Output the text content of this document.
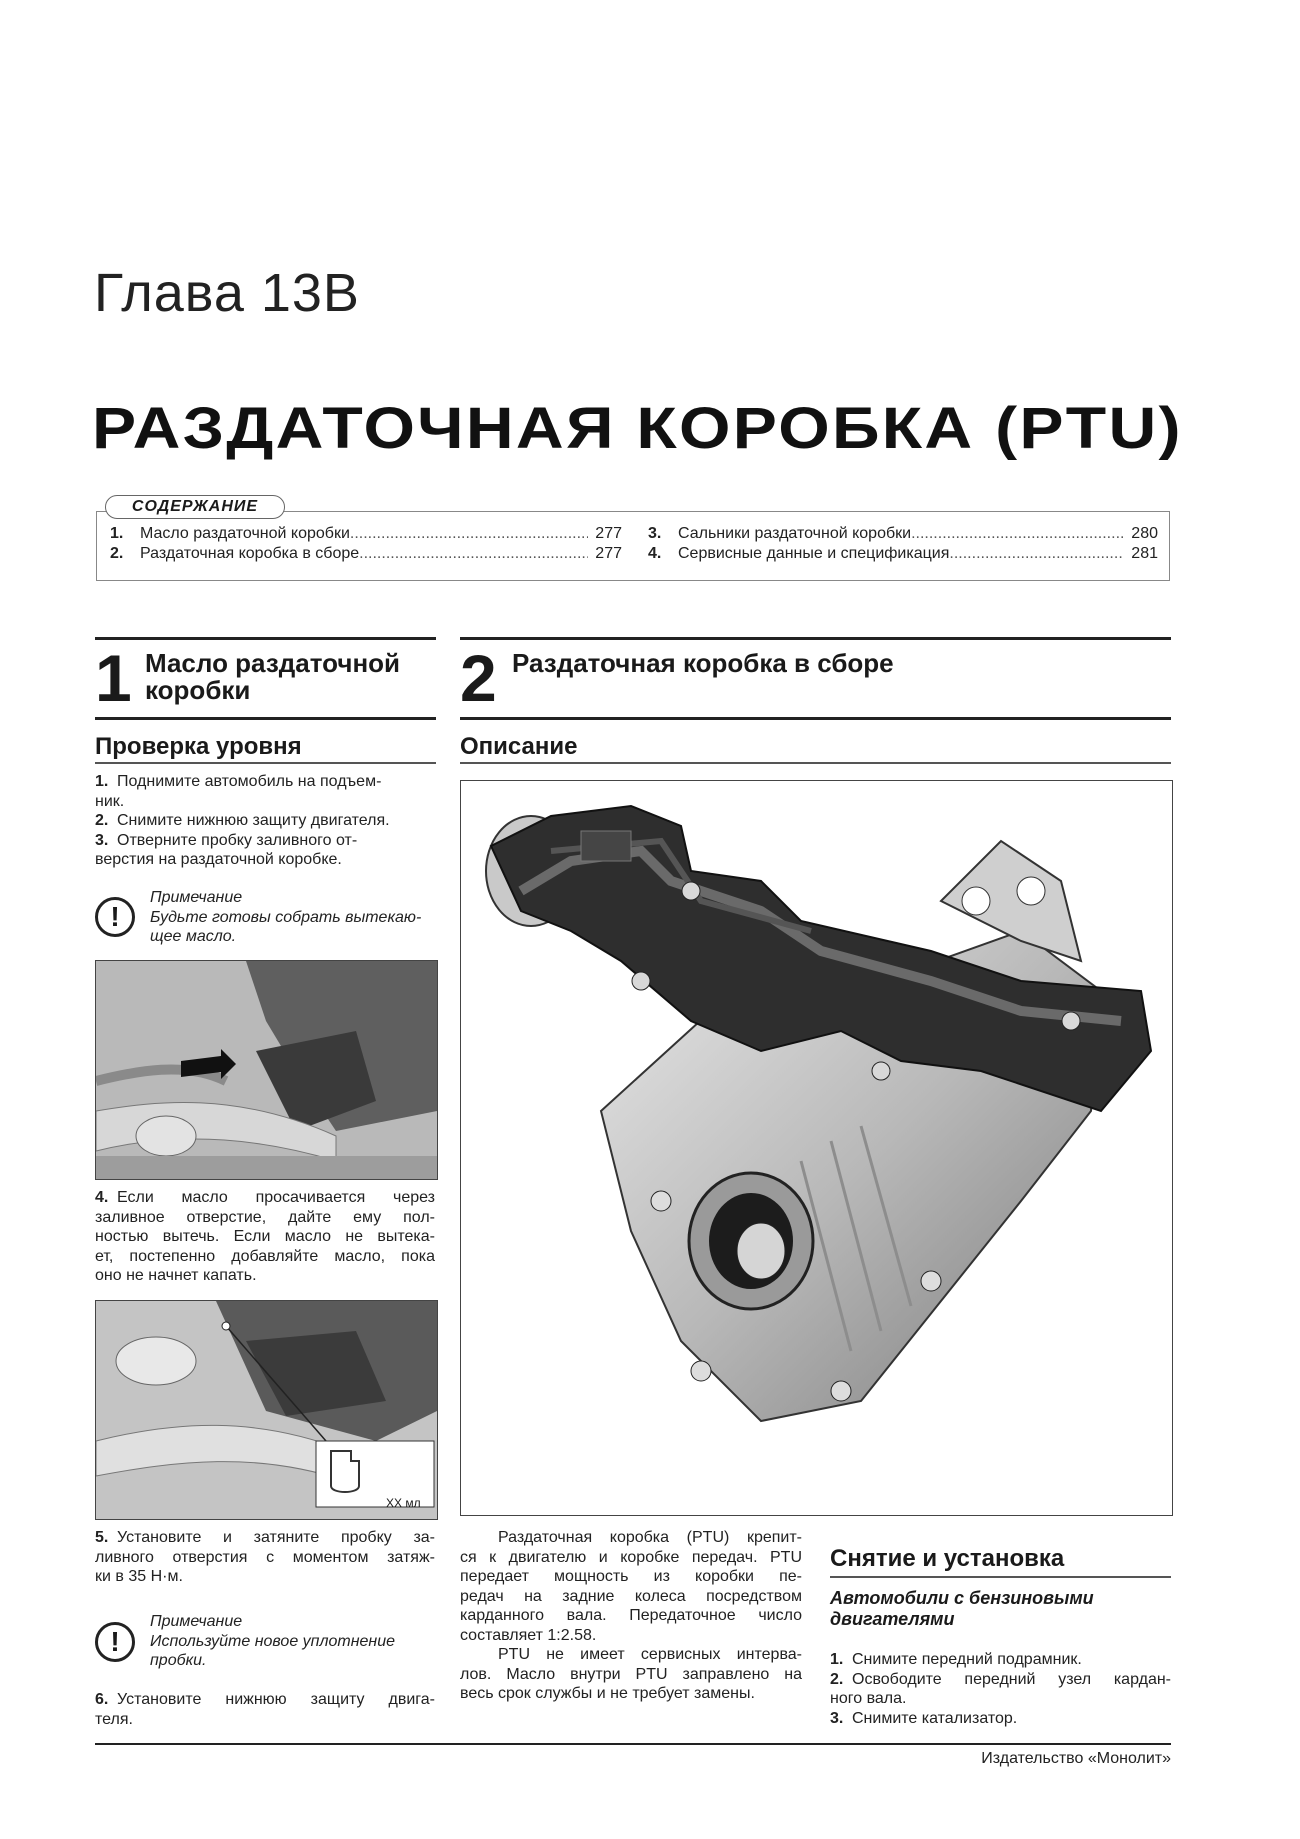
Глава 13В
РАЗДАТОЧНАЯ КОРОБКА (PTU)
СОДЕРЖАНИЕ
1.	Масло раздаточной коробки .....	277
2.	Раздаточная коробка в сборе .....	277
3.	Сальники раздаточной коробки .....	280
4.	Сервисные данные и спецификация .....	281
1 Масло раздаточной
коробки
Проверка уровня
1. Поднимите автомобиль на подъем-
ник.
2. Снимите нижнюю защиту двигателя.
3. Отверните пробку заливного от-
верстия на раздаточной коробке.
!
Примечание
Будьте готовы собрать вытекаю-
щее масло.
4. Если масло просачивается через
заливное отверстие, дайте ему пол-
ностью вытечь. Если масло не вытека-
ет, постепенно добавляйте масло, пока
оно не начнет капать.
ХХ мл
5. Установите и затяните пробку за-
ливного отверстия с моментом затяж-
ки в 35 Н·м.
!
Примечание
Используйте новое уплотнение
пробки.
6. Установите нижнюю защиту двига-
теля.
2 Раздаточная коробка в сборе
Описание
Раздаточная коробка (PTU) крепит-
ся к двигателю и коробке передач. PTU
передает мощность из коробки пе-
редач на задние колеса посредством
карданного вала. Передаточное число
составляет 1:2.58.
PTU не имеет сервисных интерва-
лов. Масло внутри PTU заправлено на
весь срок службы и не требует замены.
Снятие и установка
Автомобили с бензиновыми
двигателями
1. Снимите передний подрамник.
2. Освободите передний узел кардан-
ного вала.
3. Снимите катализатор.
Издательство «Монолит»
